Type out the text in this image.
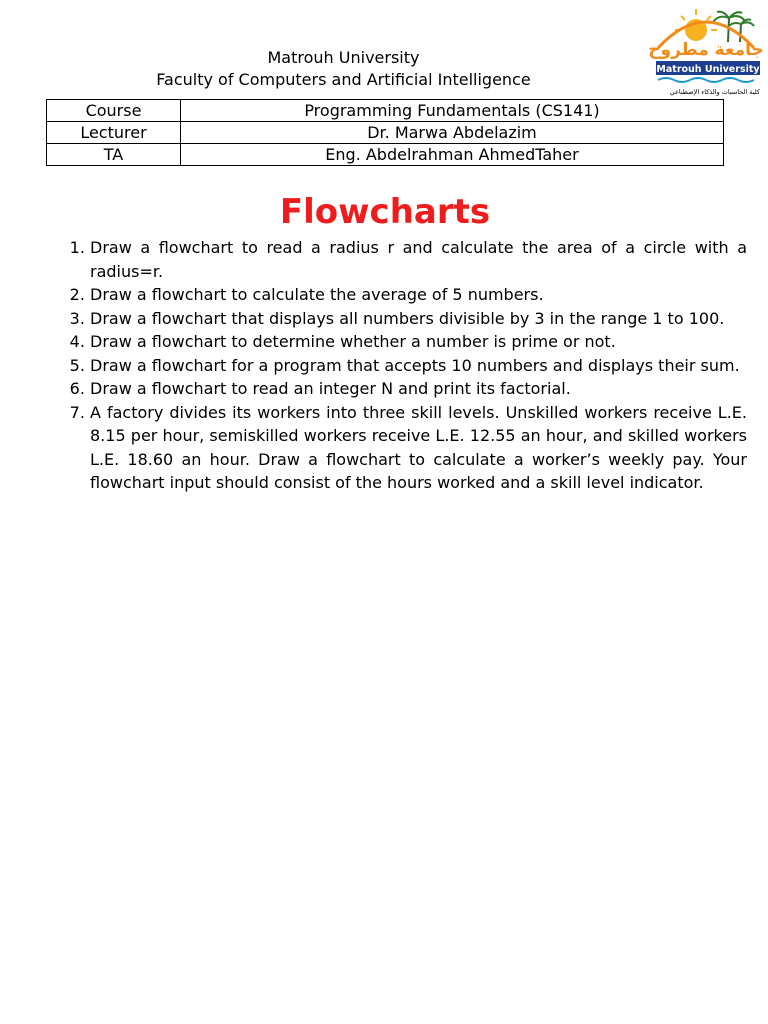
Matrouh University
Faculty of Computers and Artificial Intelligence
جامعة مطروح
Matrouh University
كلية الحاسبات والذكاء الإصطناعي
Course	Programming Fundamentals (CS141)
Lecturer	Dr. Marwa Abdelazim
TA	Eng. Abdelrahman AhmedTaher
Flowcharts
1. Draw a flowchart to read a radius r and calculate the area of a circle with a radius=r.
2. Draw a flowchart to calculate the average of 5 numbers.
3. Draw a flowchart that displays all numbers divisible by 3 in the range 1 to 100.
4. Draw a flowchart to determine whether a number is prime or not.
5. Draw a flowchart for a program that accepts 10 numbers and displays their sum.
6. Draw a flowchart to read an integer N and print its factorial.
7. A factory divides its workers into three skill levels. Unskilled workers receive L.E. 8.15 per hour, semiskilled workers receive L.E. 12.55 an hour, and skilled workers L.E. 18.60 an hour. Draw a flowchart to calculate a worker’s weekly pay. Your flowchart input should consist of the hours worked and a skill level indicator.
